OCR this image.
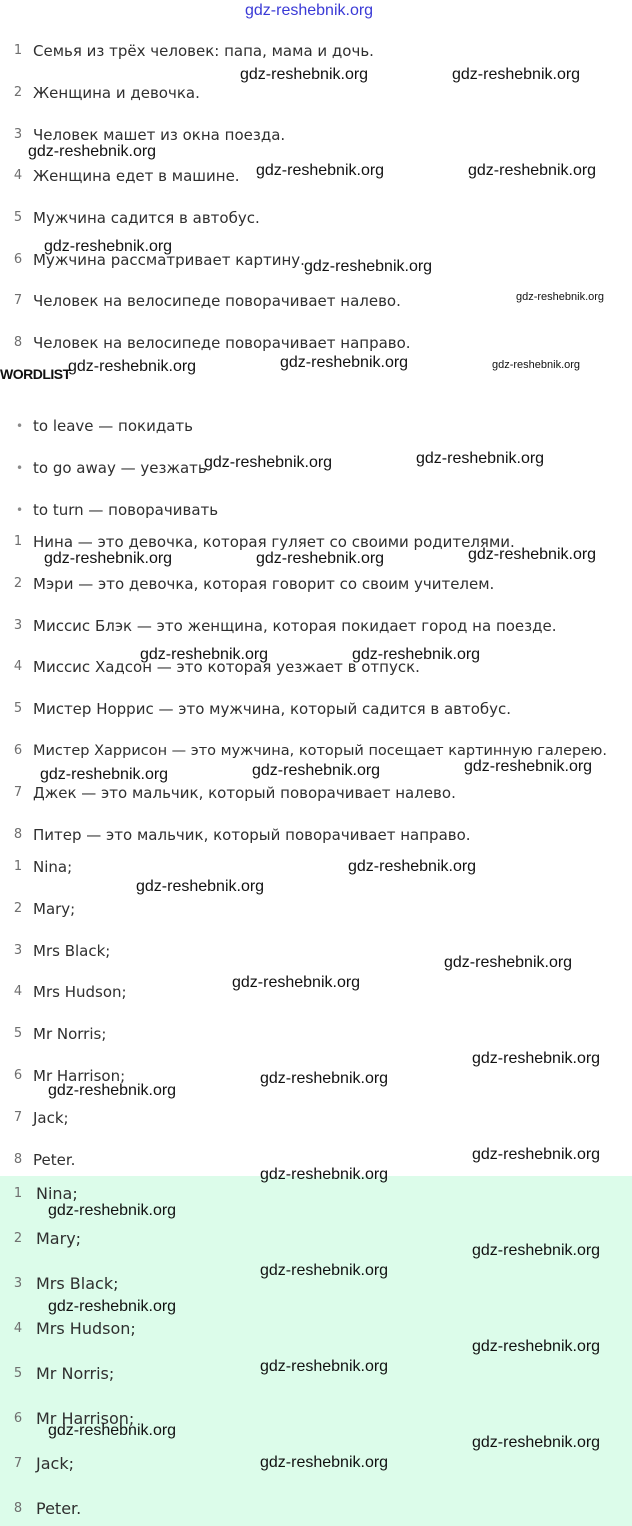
gdz-reshebnik.org
1 Семья из трёх человек: папа, мама и дочь.
2 Женщина и девочка.
3 Человек машет из окна поезда.
4 Женщина едет в машине.
5 Мужчина садится в автобус.
6 Мужчина рассматривает картину.
7 Человек на велосипеде поворачивает налево.
8 Человек на велосипеде поворачивает направо.
WORDLIST
• to leave — покидать
• to go away — уезжать
• to turn — поворачивать
1 Нина — это девочка, которая гуляет со своими родителями.
2 Мэри — это девочка, которая говорит со своим учителем.
3 Миссис Блэк — это женщина, которая покидает город на поезде.
4 Миссис Хадсон — это которая уезжает в отпуск.
5 Мистер Норрис — это мужчина, который садится в автобус.
6 Мистер Харрисон — это мужчина, который посещает картинную галерею.
7 Джек — это мальчик, который поворачивает налево.
8 Питер — это мальчик, который поворачивает направо.
1 Nina;
2 Mary;
3 Mrs Black;
4 Mrs Hudson;
5 Mr Norris;
6 Mr Harrison;
7 Jack;
8 Peter.
1 Nina;
2 Mary;
3 Mrs Black;
4 Mrs Hudson;
5 Mr Norris;
6 Mr Harrison;
7 Jack;
8 Peter.
gdz-reshebnik.org	gdz-reshebnik.org
gdz-reshebnik.org
gdz-reshebnik.org	gdz-reshebnik.org
gdz-reshebnik.org
gdz-reshebnik.org
gdz-reshebnik.org
gdz-reshebnik.org	gdz-reshebnik.org	gdz-reshebnik.org
gdz-reshebnik.org	gdz-reshebnik.org
gdz-reshebnik.org	gdz-reshebnik.org	gdz-reshebnik.org
gdz-reshebnik.org	gdz-reshebnik.org
gdz-reshebnik.org	gdz-reshebnik.org	gdz-reshebnik.org
gdz-reshebnik.org
gdz-reshebnik.org
gdz-reshebnik.org
gdz-reshebnik.org
gdz-reshebnik.org
gdz-reshebnik.org
gdz-reshebnik.org
gdz-reshebnik.org
gdz-reshebnik.org
gdz-reshebnik.org
gdz-reshebnik.org
gdz-reshebnik.org
gdz-reshebnik.org
gdz-reshebnik.org
gdz-reshebnik.org
gdz-reshebnik.org
gdz-reshebnik.org
gdz-reshebnik.org
